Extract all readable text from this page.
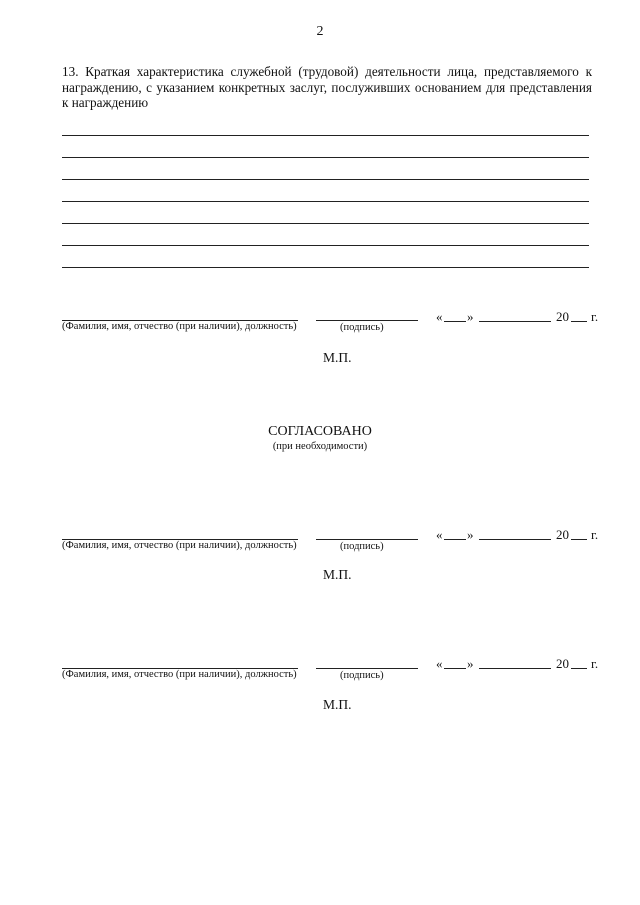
2
13. Краткая характеристика служебной (трудовой) деятельности лица, представляемого к награждению, с указанием конкретных заслуг, послуживших основанием для представления к награждению
(Фамилия, имя, отчество (при наличии), должность)	(подпись)
« »	20 г.
М.П.
СОГЛАСОВАНО
(при необходимости)
(Фамилия, имя, отчество (при наличии), должность)	(подпись)
« »	20 г.
М.П.
(Фамилия, имя, отчество (при наличии), должность)	(подпись)
« »	20 г.
М.П.
